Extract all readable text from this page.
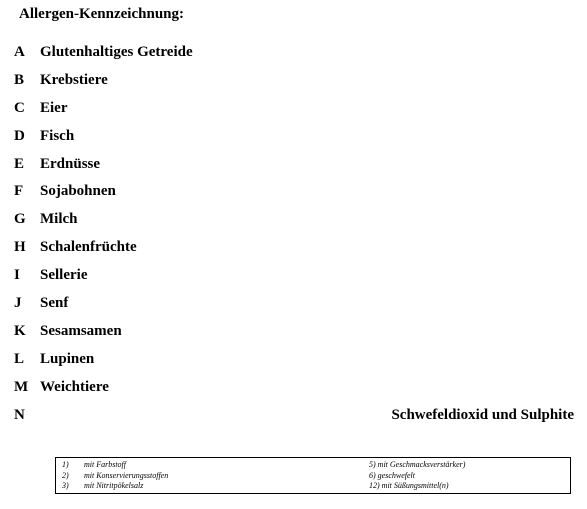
Allergen-Kennzeichnung:
A Glutenhaltiges Getreide
B Krebstiere
C Eier
D Fisch
E Erdnüsse
F Sojabohnen
G Milch
H Schalenfrüchte
I Sellerie
J Senf
K Sesamsamen
L Lupinen
M Weichtiere
N	Schwefeldioxid und Sulphite
1) mit Farbstoff
2) mit Konservierungsstoffen
3) mit Nitritpökelsalz
5) mit Geschmacksverstärker)
6) geschwefelt
12) mit Süßungsmittel(n)
